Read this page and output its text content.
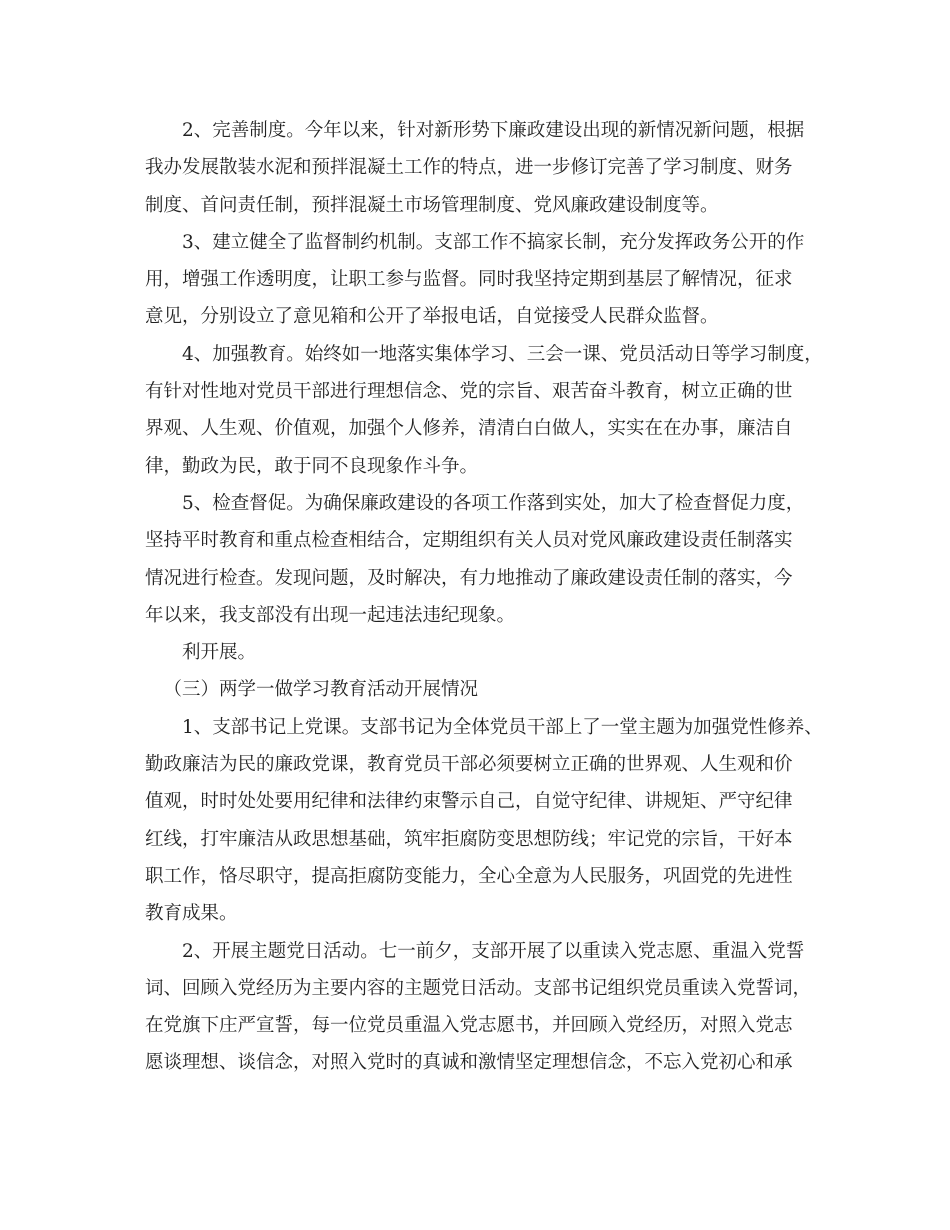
2、完善制度。今年以来，针对新形势下廉政建设出现的新情况新问题，根据
我办发展散装水泥和预拌混凝土工作的特点，进一步修订完善了学习制度、财务
制度、首问责任制，预拌混凝土市场管理制度、党风廉政建设制度等。
3、建立健全了监督制约机制。支部工作不搞家长制，充分发挥政务公开的作
用，增强工作透明度，让职工参与监督。同时我坚持定期到基层了解情况，征求
意见，分别设立了意见箱和公开了举报电话，自觉接受人民群众监督。
4、加强教育。始终如一地落实集体学习、三会一课、党员活动日等学习制度，
有针对性地对党员干部进行理想信念、党的宗旨、艰苦奋斗教育，树立正确的世
界观、人生观、价值观，加强个人修养，清清白白做人，实实在在办事，廉洁自
律，勤政为民，敢于同不良现象作斗争。
5、检查督促。为确保廉政建设的各项工作落到实处，加大了检查督促力度，
坚持平时教育和重点检查相结合，定期组织有关人员对党风廉政建设责任制落实
情况进行检查。发现问题，及时解决，有力地推动了廉政建设责任制的落实，今
年以来，我支部没有出现一起违法违纪现象。
利开展。
（三）两学一做学习教育活动开展情况
1、支部书记上党课。支部书记为全体党员干部上了一堂主题为加强党性修养、
勤政廉洁为民的廉政党课，教育党员干部必须要树立正确的世界观、人生观和价
值观，时时处处要用纪律和法律约束警示自己，自觉守纪律、讲规矩、严守纪律
红线，打牢廉洁从政思想基础，筑牢拒腐防变思想防线；牢记党的宗旨，干好本
职工作，恪尽职守，提高拒腐防变能力，全心全意为人民服务，巩固党的先进性
教育成果。
2、开展主题党日活动。七一前夕，支部开展了以重读入党志愿、重温入党誓
词、回顾入党经历为主要内容的主题党日活动。支部书记组织党员重读入党誓词，
在党旗下庄严宣誓，每一位党员重温入党志愿书，并回顾入党经历，对照入党志
愿谈理想、谈信念，对照入党时的真诚和激情坚定理想信念，不忘入党初心和承
